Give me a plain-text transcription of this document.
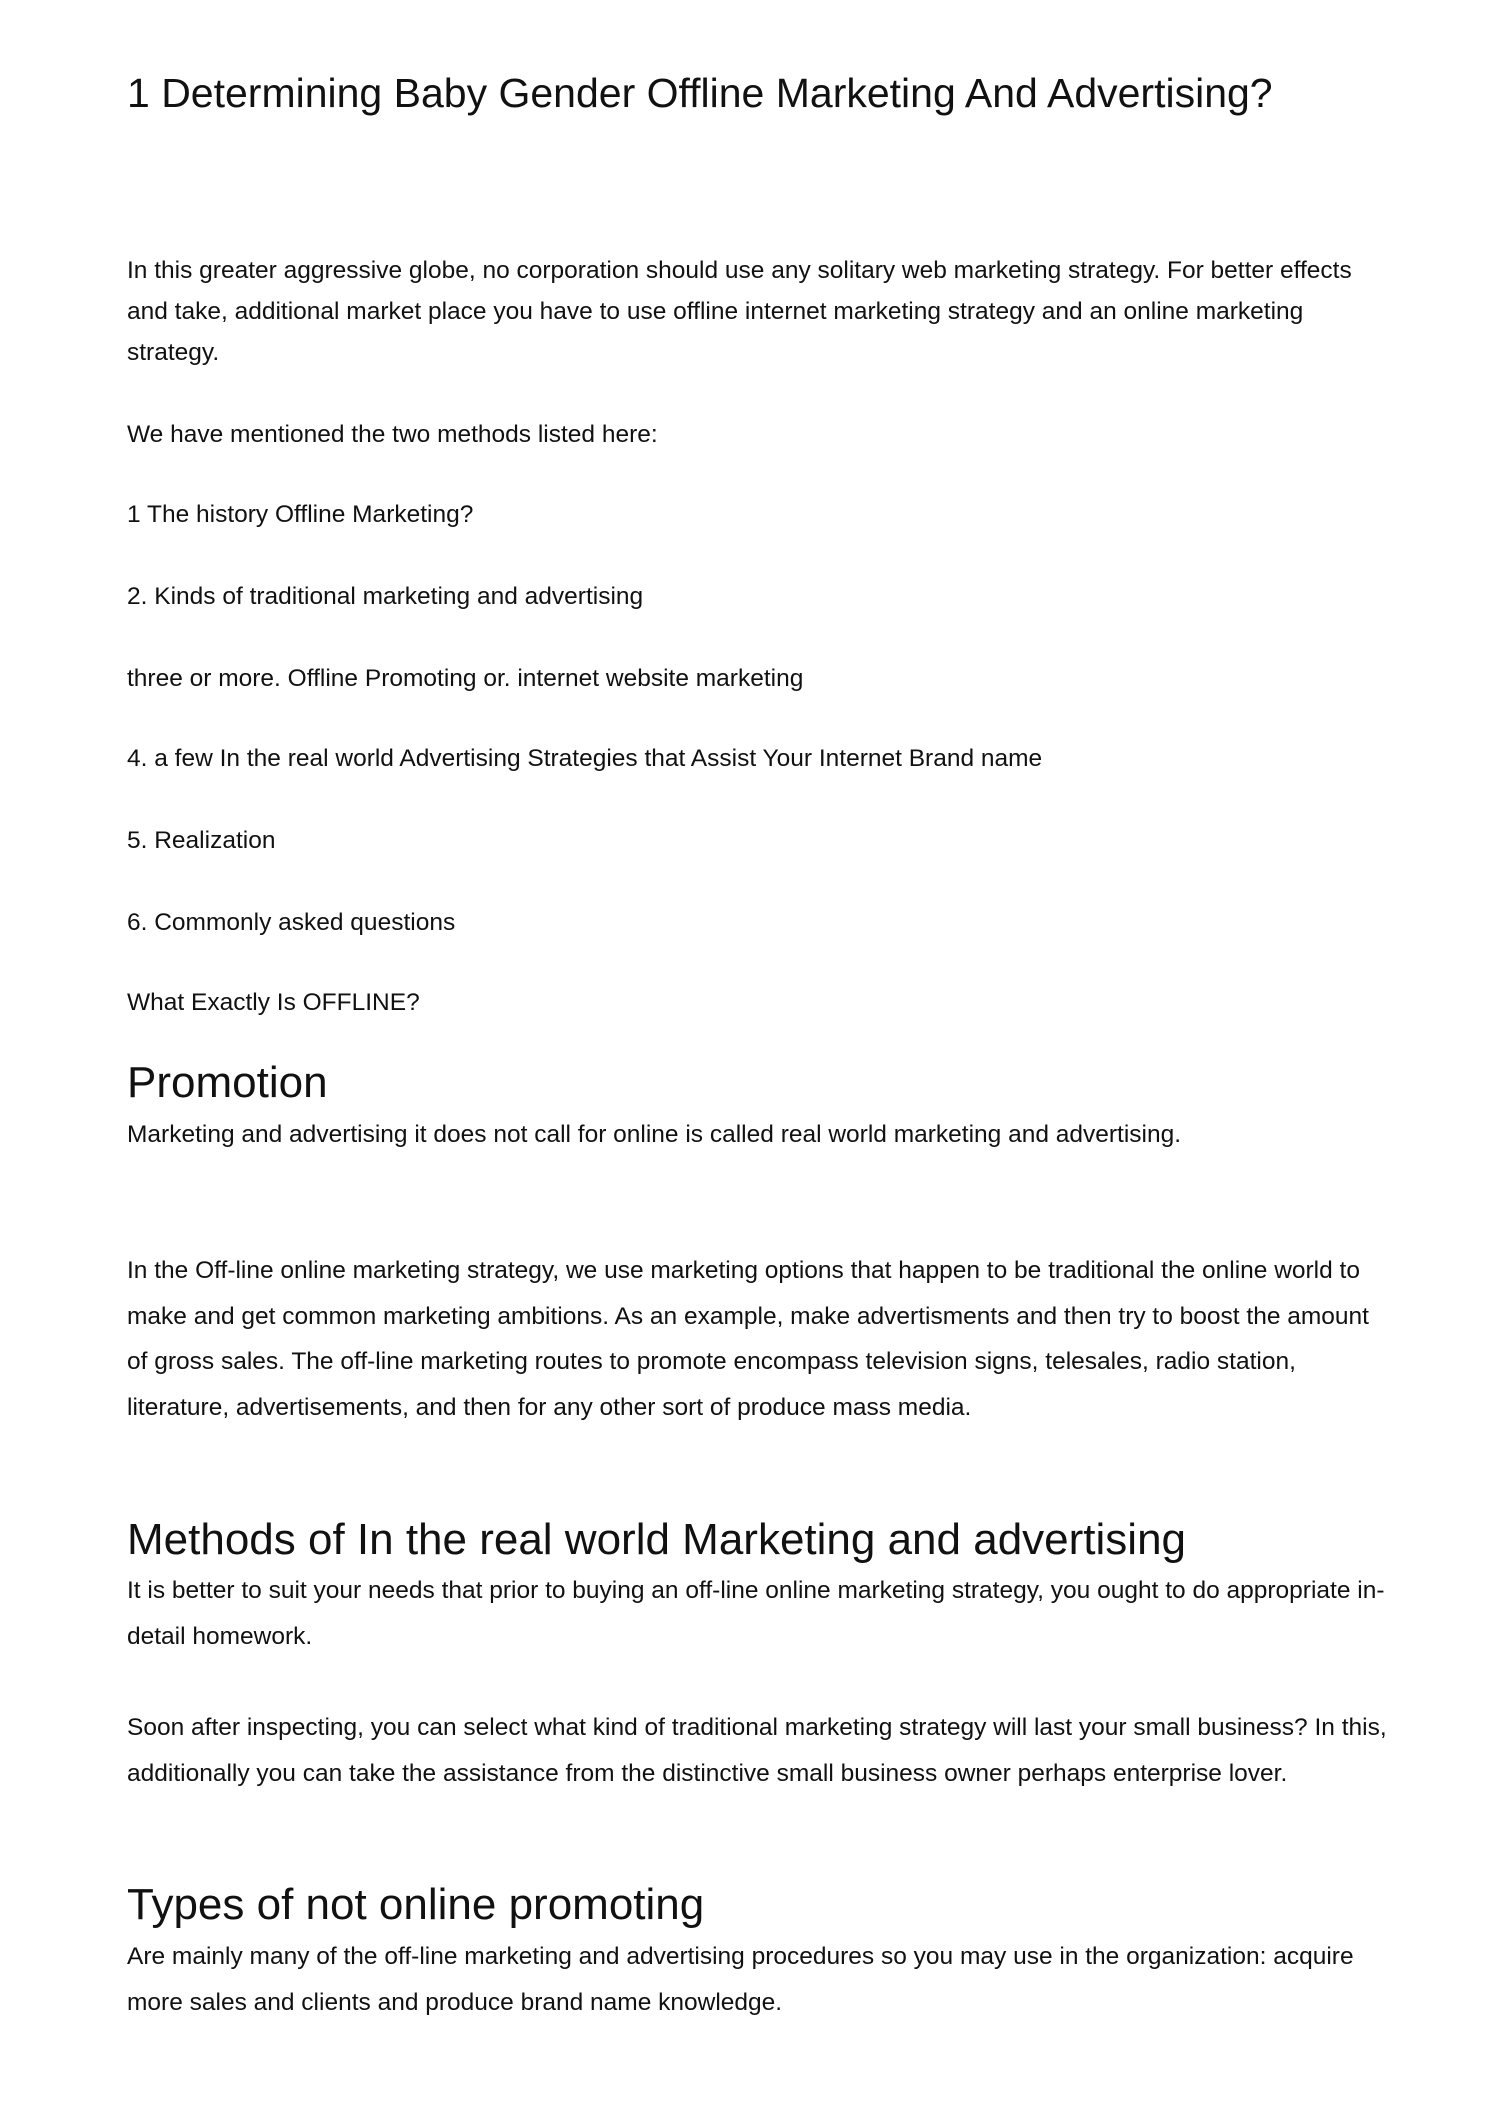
1 Determining Baby Gender Offline Marketing And Advertising?

In this greater aggressive globe, no corporation should use any solitary web marketing strategy. For better effects and take, additional market place you have to use offline internet marketing strategy and an online marketing strategy.

We have mentioned the two methods listed here:

1 The history Offline Marketing?

2. Kinds of traditional marketing and advertising

three or more. Offline Promoting or. internet website marketing

4. a few In the real world Advertising Strategies that Assist Your Internet Brand name

5. Realization

6. Commonly asked questions

What Exactly Is OFFLINE?

Promotion

Marketing and advertising it does not call for online is called real world marketing and advertising.

In the Off-line online marketing strategy, we use marketing options that happen to be traditional the online world to make and get common marketing ambitions. As an example, make advertisments and then try to boost the amount of gross sales. The off-line marketing routes to promote encompass television signs, telesales, radio station, literature, advertisements, and then for any other sort of produce mass media.

Methods of In the real world Marketing and advertising

It is better to suit your needs that prior to buying an off-line online marketing strategy, you ought to do appropriate in-detail homework.

Soon after inspecting, you can select what kind of traditional marketing strategy will last your small business? In this, additionally you can take the assistance from the distinctive small business owner perhaps enterprise lover.

Types of not online promoting

Are mainly many of the off-line marketing and advertising procedures so you may use in the organization: acquire more sales and clients and produce brand name knowledge.
